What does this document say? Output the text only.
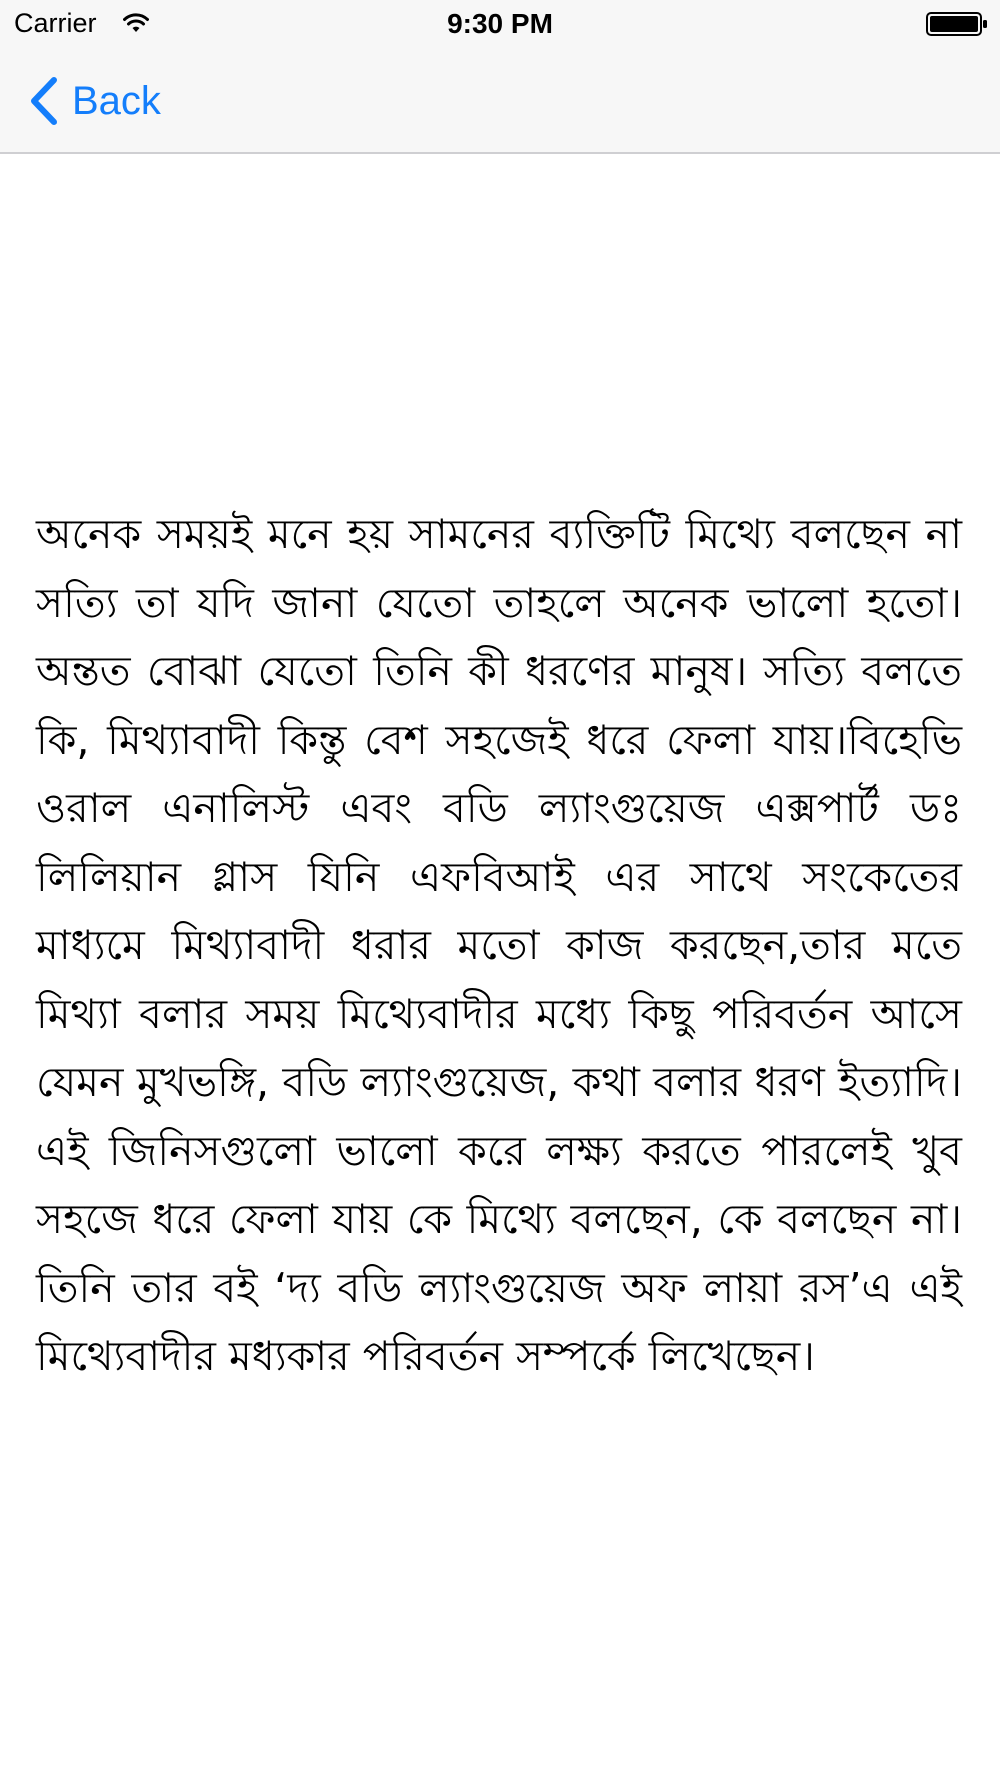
Carrier	9:30 PM
Back
অনেক সময়ই মনে হয় সামনের ব্যক্তিটি মিথ্যে বলছেন না সত্যি তা যদি জানা যেতো তাহলে অনেক ভালো হতো। অন্তত বোঝা যেতো তিনি কী ধরণের মানুষ। সত্যি বলতে কি, মিথ্যাবাদী কিন্তু বেশ সহজেই ধরে ফেলা যায়।বিহেভি ওরাল এনালিস্ট এবং বডি ল্যাংগুয়েজ এক্সপার্ট ডঃ লিলিয়ান গ্লাস যিনি এফবিআই এর সাথে সংকেতের মাধ্যমে মিথ্যাবাদী ধরার মতো কাজ করছেন,তার মতে মিথ্যা বলার সময় মিথ্যেবাদীর মধ্যে কিছু পরিবর্তন আসে যেমন মুখভঙ্গি, বডি ল্যাংগুয়েজ, কথা বলার ধরণ ইত্যাদি।এই জিনিসগুলো ভালো করে লক্ষ্য করতে পারলেই খুব সহজে ধরে ফেলা যায় কে মিথ্যে বলছেন, কে বলছেন না। তিনি তার বই ‘দ্য বডি ল্যাংগুয়েজ অফ লায়া রস’এ এই মিথ্যেবাদীর মধ্যকার পরিবর্তন সম্পর্কে লিখেছেন।
